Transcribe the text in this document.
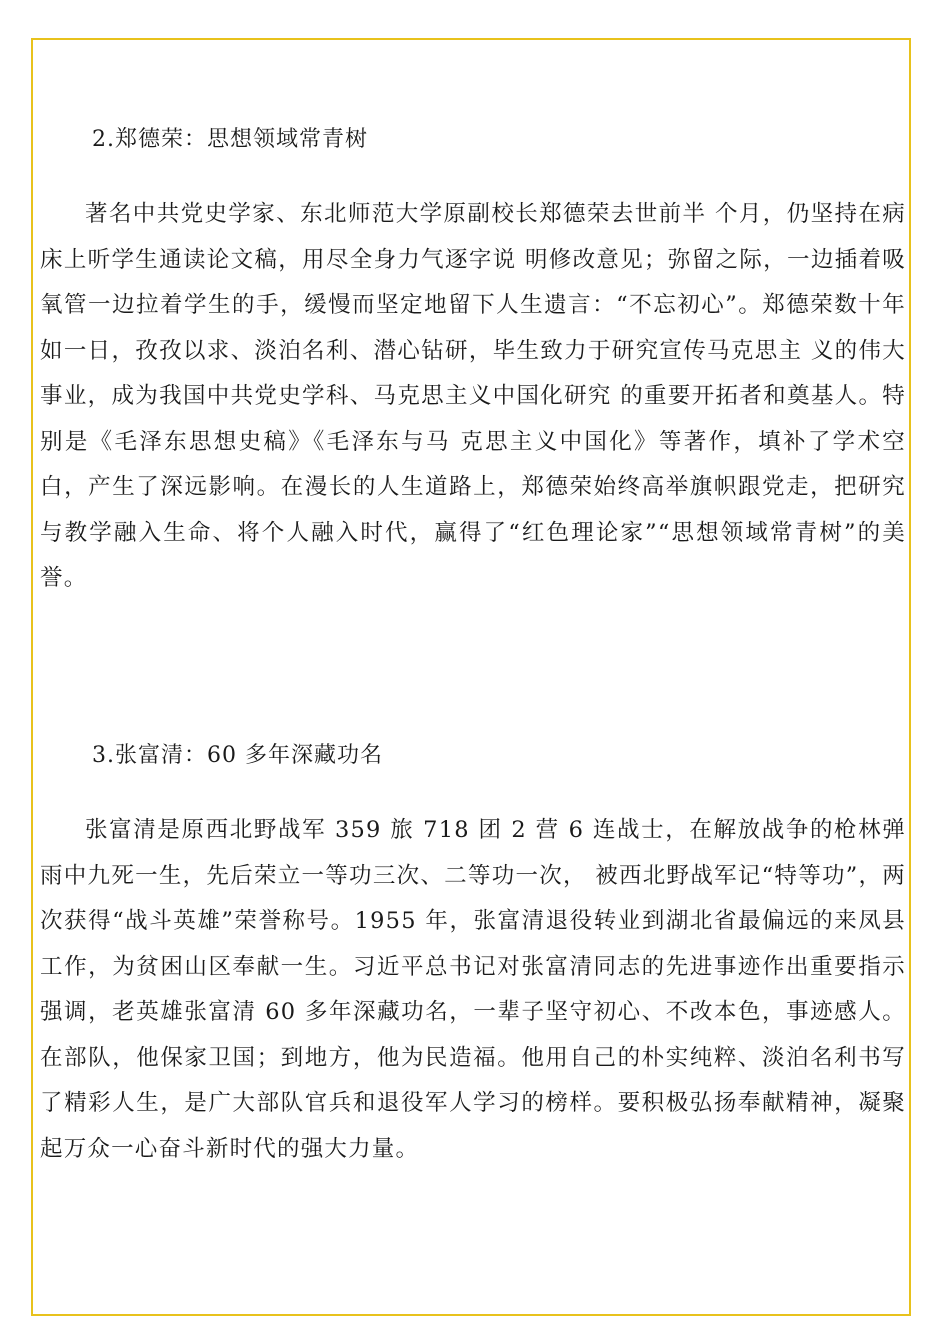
2.郑德荣：思想领域常青树
著名中共党史学家、东北师范大学原副校长郑德荣去世前半 个月，仍坚持在病床上听学生通读论文稿，用尽全身力气逐字说 明修改意见；弥留之际，一边插着吸氧管一边拉着学生的手，缓慢而坚定地留下人生遗言：“不忘初心”。郑德荣数十年如一日，孜孜以求、淡泊名利、潜心钻研，毕生致力于研究宣传马克思主 义的伟大事业，成为我国中共党史学科、马克思主义中国化研究 的重要开拓者和奠基人。特别是《毛泽东思想史稿》《毛泽东与马 克思主义中国化》等著作，填补了学术空白，产生了深远影响。在漫长的人生道路上，郑德荣始终高举旗帜跟党走，把研究与教学融入生命、将个人融入时代，赢得了“红色理论家”“思想领域常青树”的美誉。
3.张富清：60 多年深藏功名
张富清是原西北野战军 359 旅 718 团 2 营 6 连战士，在解放战争的枪林弹雨中九死一生，先后荣立一等功三次、二等功一次， 被西北野战军记“特等功”，两次获得“战斗英雄”荣誉称号。1955 年，张富清退役转业到湖北省最偏远的来凤县工作，为贫困山区奉献一生。习近平总书记对张富清同志的先进事迹作出重要指示强调，老英雄张富清 60 多年深藏功名，一辈子坚守初心、不改本色，事迹感人。在部队，他保家卫国；到地方，他为民造福。他用自己的朴实纯粹、淡泊名利书写了精彩人生，是广大部队官兵和退役军人学习的榜样。要积极弘扬奉献精神，凝聚起万众一心奋斗新时代的强大力量。
